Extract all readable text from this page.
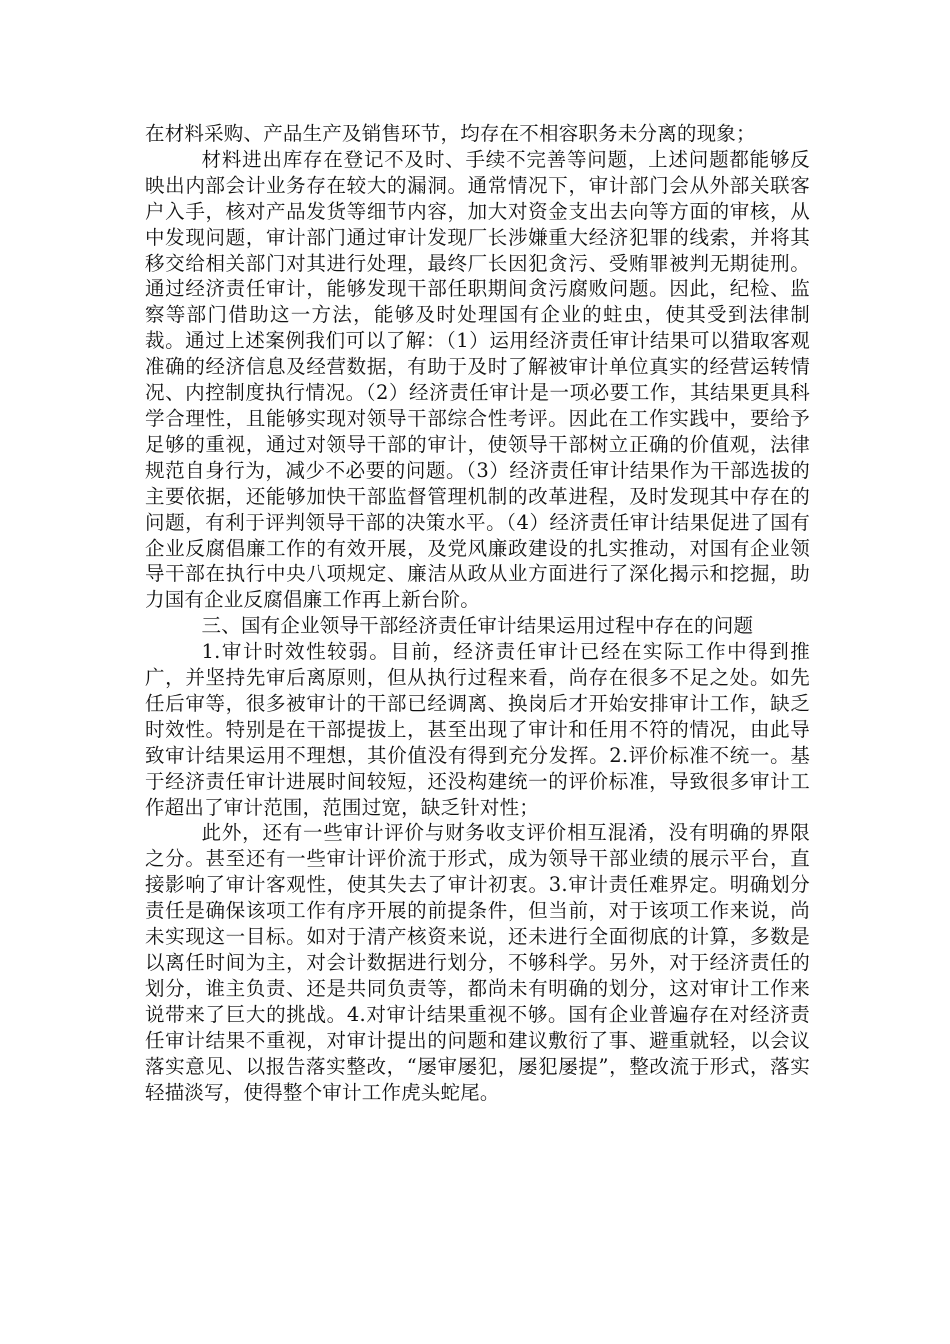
在材料采购、产品生产及销售环节，均存在不相容职务未分离的现象；

材料进出库存在登记不及时、手续不完善等问题，上述问题都能够反映出内部会计业务存在较大的漏洞。通常情况下，审计部门会从外部关联客户入手，核对产品发货等细节内容，加大对资金支出去向等方面的审核，从中发现问题，审计部门通过审计发现厂长涉嫌重大经济犯罪的线索，并将其移交给相关部门对其进行处理，最终厂长因犯贪污、受贿罪被判无期徒刑。通过经济责任审计，能够发现干部任职期间贪污腐败问题。因此，纪检、监察等部门借助这一方法，能够及时处理国有企业的蛀虫，使其受到法律制裁。通过上述案例我们可以了解：（1）运用经济责任审计结果可以猎取客观准确的经济信息及经营数据，有助于及时了解被审计单位真实的经营运转情况、内控制度执行情况。（2）经济责任审计是一项必要工作，其结果更具科学合理性，且能够实现对领导干部综合性考评。因此在工作实践中，要给予足够的重视，通过对领导干部的审计，使领导干部树立正确的价值观，法律规范自身行为，减少不必要的问题。（3）经济责任审计结果作为干部选拔的主要依据，还能够加快干部监督管理机制的改革进程，及时发现其中存在的问题，有利于评判领导干部的决策水平。（4）经济责任审计结果促进了国有企业反腐倡廉工作的有效开展，及党风廉政建设的扎实推动，对国有企业领导干部在执行中央八项规定、廉洁从政从业方面进行了深化揭示和挖掘，助力国有企业反腐倡廉工作再上新台阶。

三、国有企业领导干部经济责任审计结果运用过程中存在的问题

1.审计时效性较弱。目前，经济责任审计已经在实际工作中得到推广，并坚持先审后离原则，但从执行过程来看，尚存在很多不足之处。如先任后审等，很多被审计的干部已经调离、换岗后才开始安排审计工作，缺乏时效性。特别是在干部提拔上，甚至出现了审计和任用不符的情况，由此导致审计结果运用不理想，其价值没有得到充分发挥。2.评价标准不统一。基于经济责任审计进展时间较短，还没构建统一的评价标准，导致很多审计工作超出了审计范围，范围过宽，缺乏针对性；

此外，还有一些审计评价与财务收支评价相互混淆，没有明确的界限之分。甚至还有一些审计评价流于形式，成为领导干部业绩的展示平台，直接影响了审计客观性，使其失去了审计初衷。3.审计责任难界定。明确划分责任是确保该项工作有序开展的前提条件，但当前，对于该项工作来说，尚未实现这一目标。如对于清产核资来说，还未进行全面彻底的计算，多数是以离任时间为主，对会计数据进行划分，不够科学。另外，对于经济责任的划分，谁主负责、还是共同负责等，都尚未有明确的划分，这对审计工作来说带来了巨大的挑战。4.对审计结果重视不够。国有企业普遍存在对经济责任审计结果不重视，对审计提出的问题和建议敷衍了事、避重就轻，以会议落实意见、以报告落实整改，“屡审屡犯，屡犯屡提”，整改流于形式，落实轻描淡写，使得整个审计工作虎头蛇尾。
